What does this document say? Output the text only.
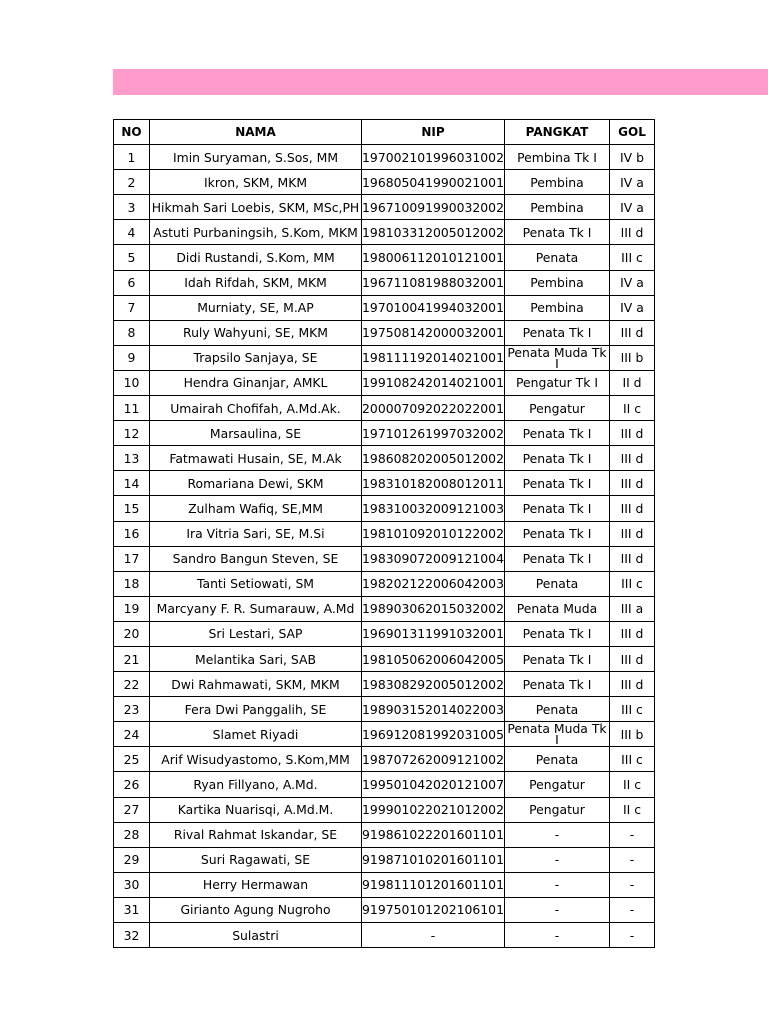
NO	NAMA	NIP	PANGKAT	GOL
1	Imin Suryaman, S.Sos, MM	197002101996031002	Pembina Tk I	IV b
2	Ikron, SKM, MKM	196805041990021001	Pembina	IV a
3	Hikmah Sari Loebis, SKM, MSc,PH	196710091990032002	Pembina	IV a
4	Astuti Purbaningsih, S.Kom, MKM	198103312005012002	Penata Tk I	III d
5	Didi Rustandi, S.Kom, MM	198006112010121001	Penata	III c
6	Idah Rifdah, SKM, MKM	196711081988032001	Pembina	IV a
7	Murniaty, SE, M.AP	197010041994032001	Pembina	IV a
8	Ruly Wahyuni, SE, MKM	197508142000032001	Penata Tk I	III d
9	Trapsilo Sanjaya, SE	198111192014021001	Penata Muda Tk I	III b
10	Hendra Ginanjar, AMKL	199108242014021001	Pengatur Tk I	II d
11	Umairah Chofifah, A.Md.Ak.	200007092022022001	Pengatur	II c
12	Marsaulina, SE	197101261997032002	Penata Tk I	III d
13	Fatmawati Husain, SE, M.Ak	198608202005012002	Penata Tk I	III d
14	Romariana Dewi, SKM	198310182008012011	Penata Tk I	III d
15	Zulham Wafiq, SE,MM	198310032009121003	Penata Tk I	III d
16	Ira Vitria Sari, SE, M.Si	198101092010122002	Penata Tk I	III d
17	Sandro Bangun Steven, SE	198309072009121004	Penata Tk I	III d
18	Tanti Setiowati, SM	198202122006042003	Penata	III c
19	Marcyany F. R. Sumarauw, A.Md	198903062015032002	Penata Muda	III a
20	Sri Lestari, SAP	196901311991032001	Penata Tk I	III d
21	Melantika Sari, SAB	198105062006042005	Penata Tk I	III d
22	Dwi Rahmawati, SKM, MKM	198308292005012002	Penata Tk I	III d
23	Fera Dwi Panggalih, SE	198903152014022003	Penata	III c
24	Slamet Riyadi	196912081992031005	Penata Muda Tk I	III b
25	Arif Wisudyastomo, S.Kom,MM	198707262009121002	Penata	III c
26	Ryan Fillyano, A.Md.	199501042020121007	Pengatur	II c
27	Kartika Nuarisqi, A.Md.M.	199901022021012002	Pengatur	II c
28	Rival Rahmat Iskandar, SE	919861022201601101	-	-
29	Suri Ragawati, SE	919871010201601101	-	-
30	Herry Hermawan	919811101201601101	-	-
31	Girianto Agung Nugroho	919750101202106101	-	-
32	Sulastri	-	-	-
